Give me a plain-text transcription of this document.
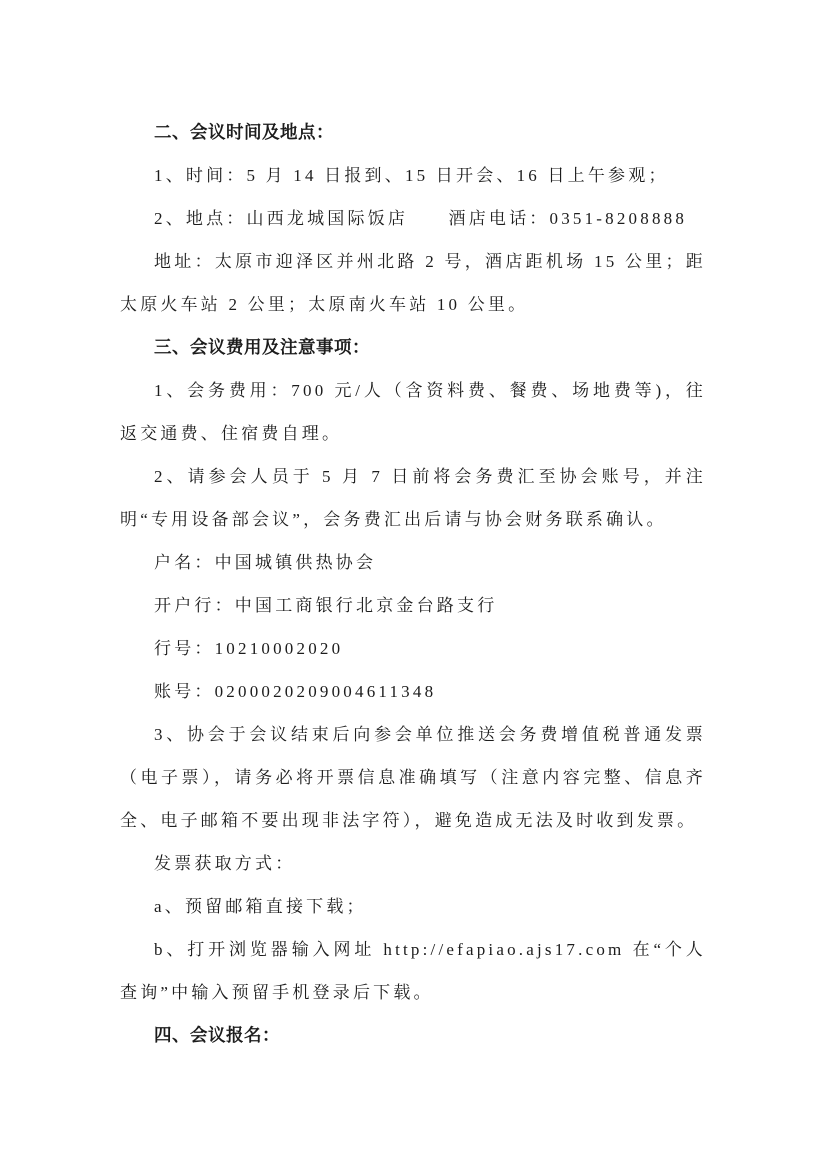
二、会议时间及地点：

1、时间：5 月 14 日报到、15 日开会、16 日上午参观；

2、地点：山西龙城国际饭店　　酒店电话：0351-8208888

地址：太原市迎泽区并州北路 2 号，酒店距机场 15 公里；距太原火车站 2 公里；太原南火车站 10 公里。

三、会议费用及注意事项：

1、会务费用：700 元/人（含资料费、餐费、场地费等)，往返交通费、住宿费自理。

2、请参会人员于 5 月 7 日前将会务费汇至协会账号，并注明“专用设备部会议”，会务费汇出后请与协会财务联系确认。

户名：中国城镇供热协会

开户行：中国工商银行北京金台路支行

行号：10210002020

账号：0200020209004611348

3、协会于会议结束后向参会单位推送会务费增值税普通发票（电子票），请务必将开票信息准确填写（注意内容完整、信息齐全、电子邮箱不要出现非法字符），避免造成无法及时收到发票。

发票获取方式：

a、预留邮箱直接下载；

b、打开浏览器输入网址 http://efapiao.ajs17.com 在“个人查询”中输入预留手机登录后下载。

四、会议报名：
